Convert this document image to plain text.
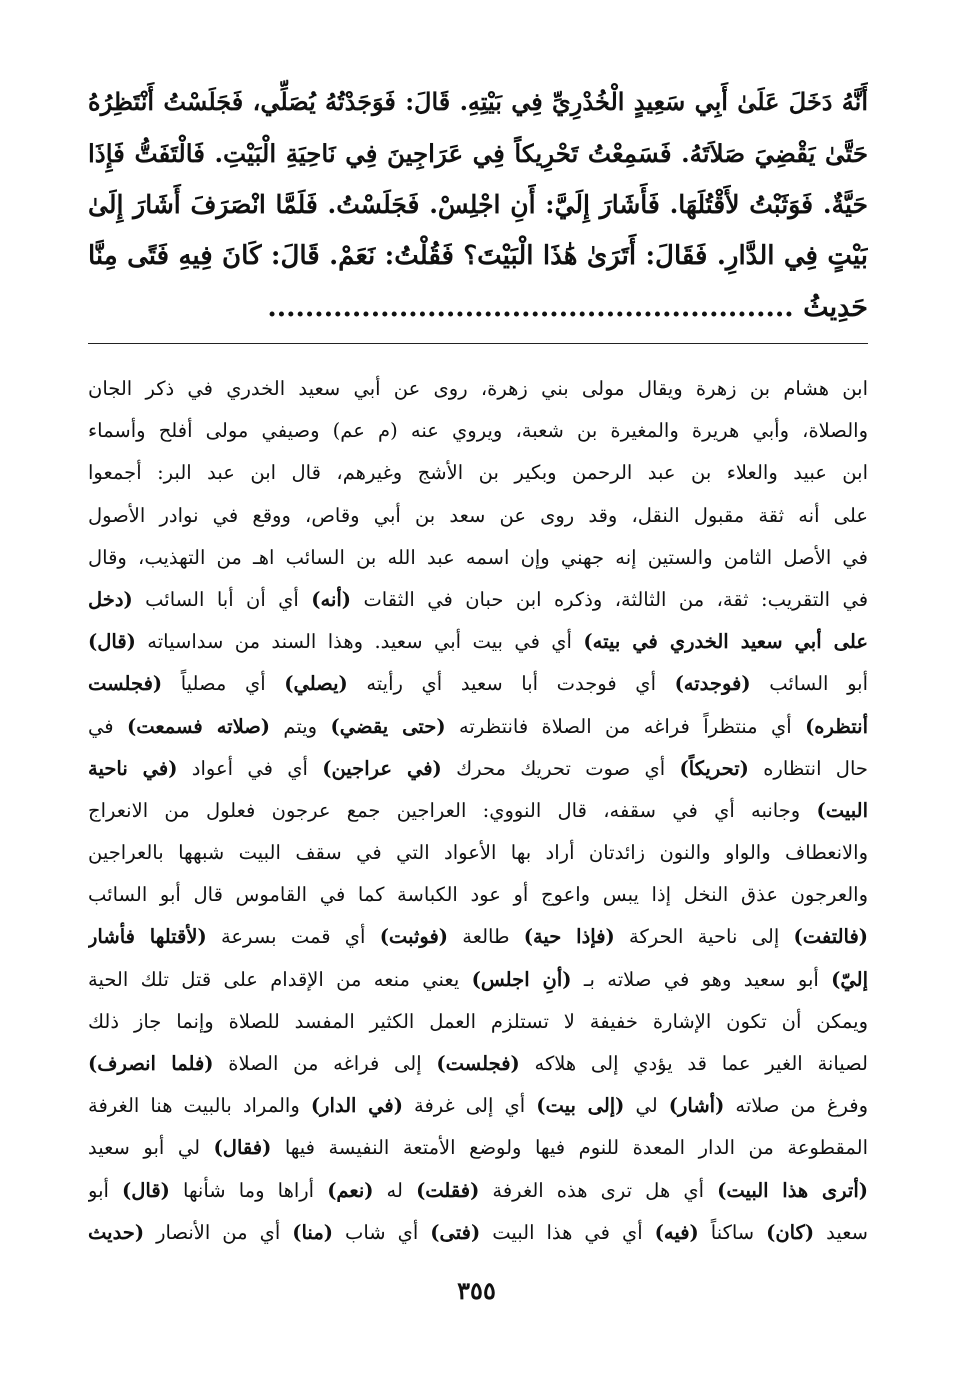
أَنَّهُ دَخَلَ عَلَىٰ أَبِي سَعِيدٍ الْخُدْرِيِّ فِي بَيْتِهِ. قَالَ: فَوَجَدْتُهُ يُصَلِّي، فَجَلَسْتُ أَنْتَظِرُهُ
حَتَّىٰ يَقْضِيَ صَلاَتَهُ. فَسَمِعْتُ تَحْرِيكاً فِي عَرَاجِينَ فِي نَاحِيَةِ الْبَيْتِ. فَالْتَفَتُّ فَإِذَا
حَيَّةٌ. فَوَثَبْتُ لأَقْتُلَهَا. فَأَشَارَ إِلَيَّ: أَنِ اجْلِسْ. فَجَلَسْتُ. فَلَمَّا انْصَرَفَ أَشَارَ إِلَىٰ
بَيْتٍ فِي الدَّارِ. فَقَالَ: أَتَرَىٰ هَٰذَا الْبَيْتَ؟ فَقُلْتُ: نَعَمْ. قَالَ: كَانَ فِيهِ فَتًى مِنَّا
حَدِيثُ ........................................................
ابن هشام بن زهرة ويقال مولى بني زهرة، روى عن أبي سعيد الخدري في ذكر الجان
والصلاة، وأبي هريرة والمغيرة بن شعبة، ويروي عنه (م عم) وصيفي مولى أفلح وأسماء
ابن عبيد والعلاء بن عبد الرحمن وبكير بن الأشج وغيرهم، قال ابن عبد البر: أجمعوا
على أنه ثقة مقبول النقل، وقد روى عن سعد بن أبي وقاص، ووقع في نوادر الأصول
في الأصل الثامن والستين إنه جهني وإن اسمه عبد الله بن السائب اهـ من التهذيب، وقال
في التقريب: ثقة، من الثالثة، وذكره ابن حبان في الثقات (أنه) أي أن أبا السائب (دخل
على أبي سعيد الخدري في بيته) أي في بيت أبي سعيد. وهذا السند من سداسياته (قال)
أبو السائب (فوجدته) أي فوجدت أبا سعيد أي رأيته (يصلي) أي مصلياً (فجلست
أنتظره) أي منتظراً فراغه من الصلاة فانتظرته (حتى يقضي) ويتم (صلاته فسمعت) في
حال انتظاره (تحريكاً) أي صوت تحريك محرك (في عراجين) أي في أعواد (في ناحية
البيت) وجانبه أي في سقفه، قال النووي: العراجين جمع عرجون فعلول من الانعراج
والانعطاف والواو والنون زائدتان أراد بها الأعواد التي في سقف البيت شبهها بالعراجين
والعرجون عذق النخل إذا يبس واعوج أو عود الكباسة كما في القاموس قال أبو السائب
(فالتفت) إلى ناحية الحركة (فإذا حية) طالعة (فوثبت) أي قمت بسرعة (لأقتلها فأشار
إليّ) أبو سعيد وهو في صلاته بـ (أنِ اجلس) يعني منعه من الإقدام على قتل تلك الحية
ويمكن أن تكون الإشارة خفيفة لا تستلزم العمل الكثير المفسد للصلاة وإنما جاز ذلك
لصيانة الغير عما قد يؤدي إلى هلاكه (فجلست) إلى فراغه من الصلاة (فلما انصرف)
وفرغ من صلاته (أشار) لي (إلى بيت) أي إلى غرفة (في الدار) والمراد بالبيت هنا الغرفة
المقطوعة من الدار المعدة للنوم فيها ولوضع الأمتعة النفيسة فيها (فقال) لي أبو سعيد
(أترى هذا البيت) أي هل ترى هذه الغرفة (فقلت) له (نعم) أراها وما شأنها (قال) أبو
سعيد (كان) ساكناً (فيه) أي في هذا البيت (فتى) أي شاب (منا) أي من الأنصار (حديث
٣٥٥
